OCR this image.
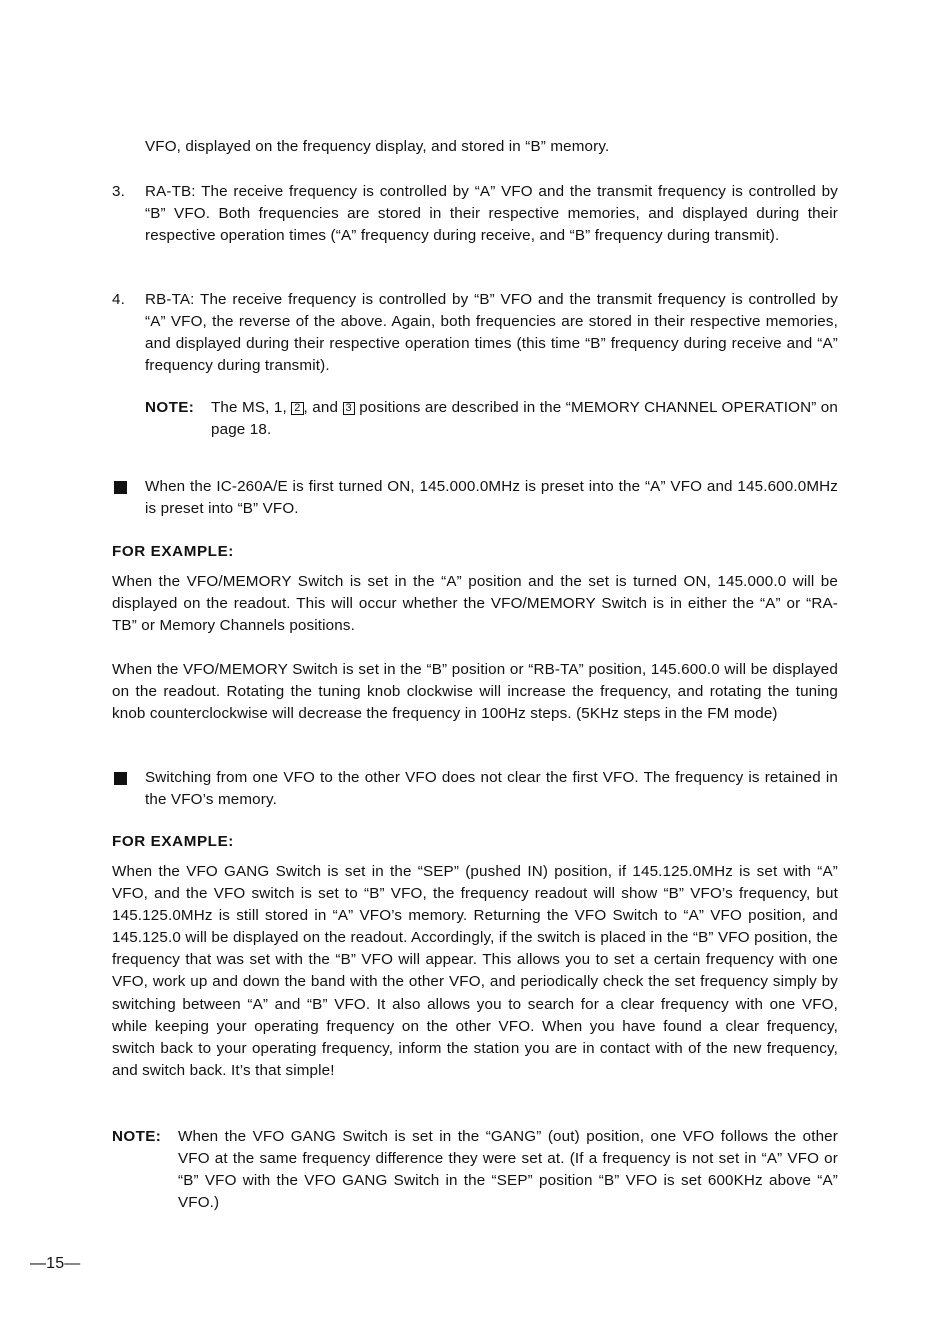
VFO, displayed on the frequency display, and stored in “B” memory.
3. RA-TB: The receive frequency is controlled by “A” VFO and the transmit frequency is controlled by “B” VFO. Both frequencies are stored in their respective memories, and displayed during their respective operation times (“A” frequency during receive, and “B” frequency during transmit).
4. RB-TA: The receive frequency is controlled by “B” VFO and the transmit frequency is controlled by “A” VFO, the reverse of the above. Again, both frequencies are stored in their respective memories, and displayed during their respective operation times (this time “B” frequency during receive and “A” frequency during transmit).
NOTE: The MS, 1, 2 , and 3 positions are described in the “MEMORY CHANNEL OPERATION” on page 18.
When the IC-260A/E is first turned ON, 145.000.0MHz is preset into the “A” VFO and 145.600.0MHz is preset into “B” VFO.
FOR EXAMPLE:
When the VFO/MEMORY Switch is set in the “A” position and the set is turned ON, 145.000.0 will be displayed on the readout. This will occur whether the VFO/MEMORY Switch is in either the “A” or “RA-TB” or Memory Channels positions.
When the VFO/MEMORY Switch is set in the “B” position or “RB-TA” position, 145.600.0 will be displayed on the readout. Rotating the tuning knob clockwise will increase the frequency, and rotating the tuning knob counterclockwise will decrease the frequency in 100Hz steps. (5KHz steps in the FM mode)
Switching from one VFO to the other VFO does not clear the first VFO. The frequency is retained in the VFO’s memory.
FOR EXAMPLE:
When the VFO GANG Switch is set in the “SEP” (pushed IN) position, if 145.125.0MHz is set with “A” VFO, and the VFO switch is set to “B” VFO, the frequency readout will show “B” VFO’s frequency, but 145.125.0MHz is still stored in “A” VFO’s memory. Returning the VFO Switch to “A” VFO position, and 145.125.0 will be displayed on the readout. Accordingly, if the switch is placed in the “B” VFO position, the frequency that was set with the “B” VFO will appear. This allows you to set a certain frequency with one VFO, work up and down the band with the other VFO, and periodically check the set frequency simply by switching between “A” and “B” VFO. It also allows you to search for a clear frequency with one VFO, while keeping your operating frequency on the other VFO. When you have found a clear frequency, switch back to your operating frequency, inform the station you are in contact with of the new frequency, and switch back. It’s that simple!
NOTE: When the VFO GANG Switch is set in the “GANG” (out) position, one VFO follows the other VFO at the same frequency difference they were set at. (If a frequency is not set in “A” VFO or “B” VFO with the VFO GANG Switch in the “SEP” position “B” VFO is set 600KHz above “A” VFO.)
—15—
